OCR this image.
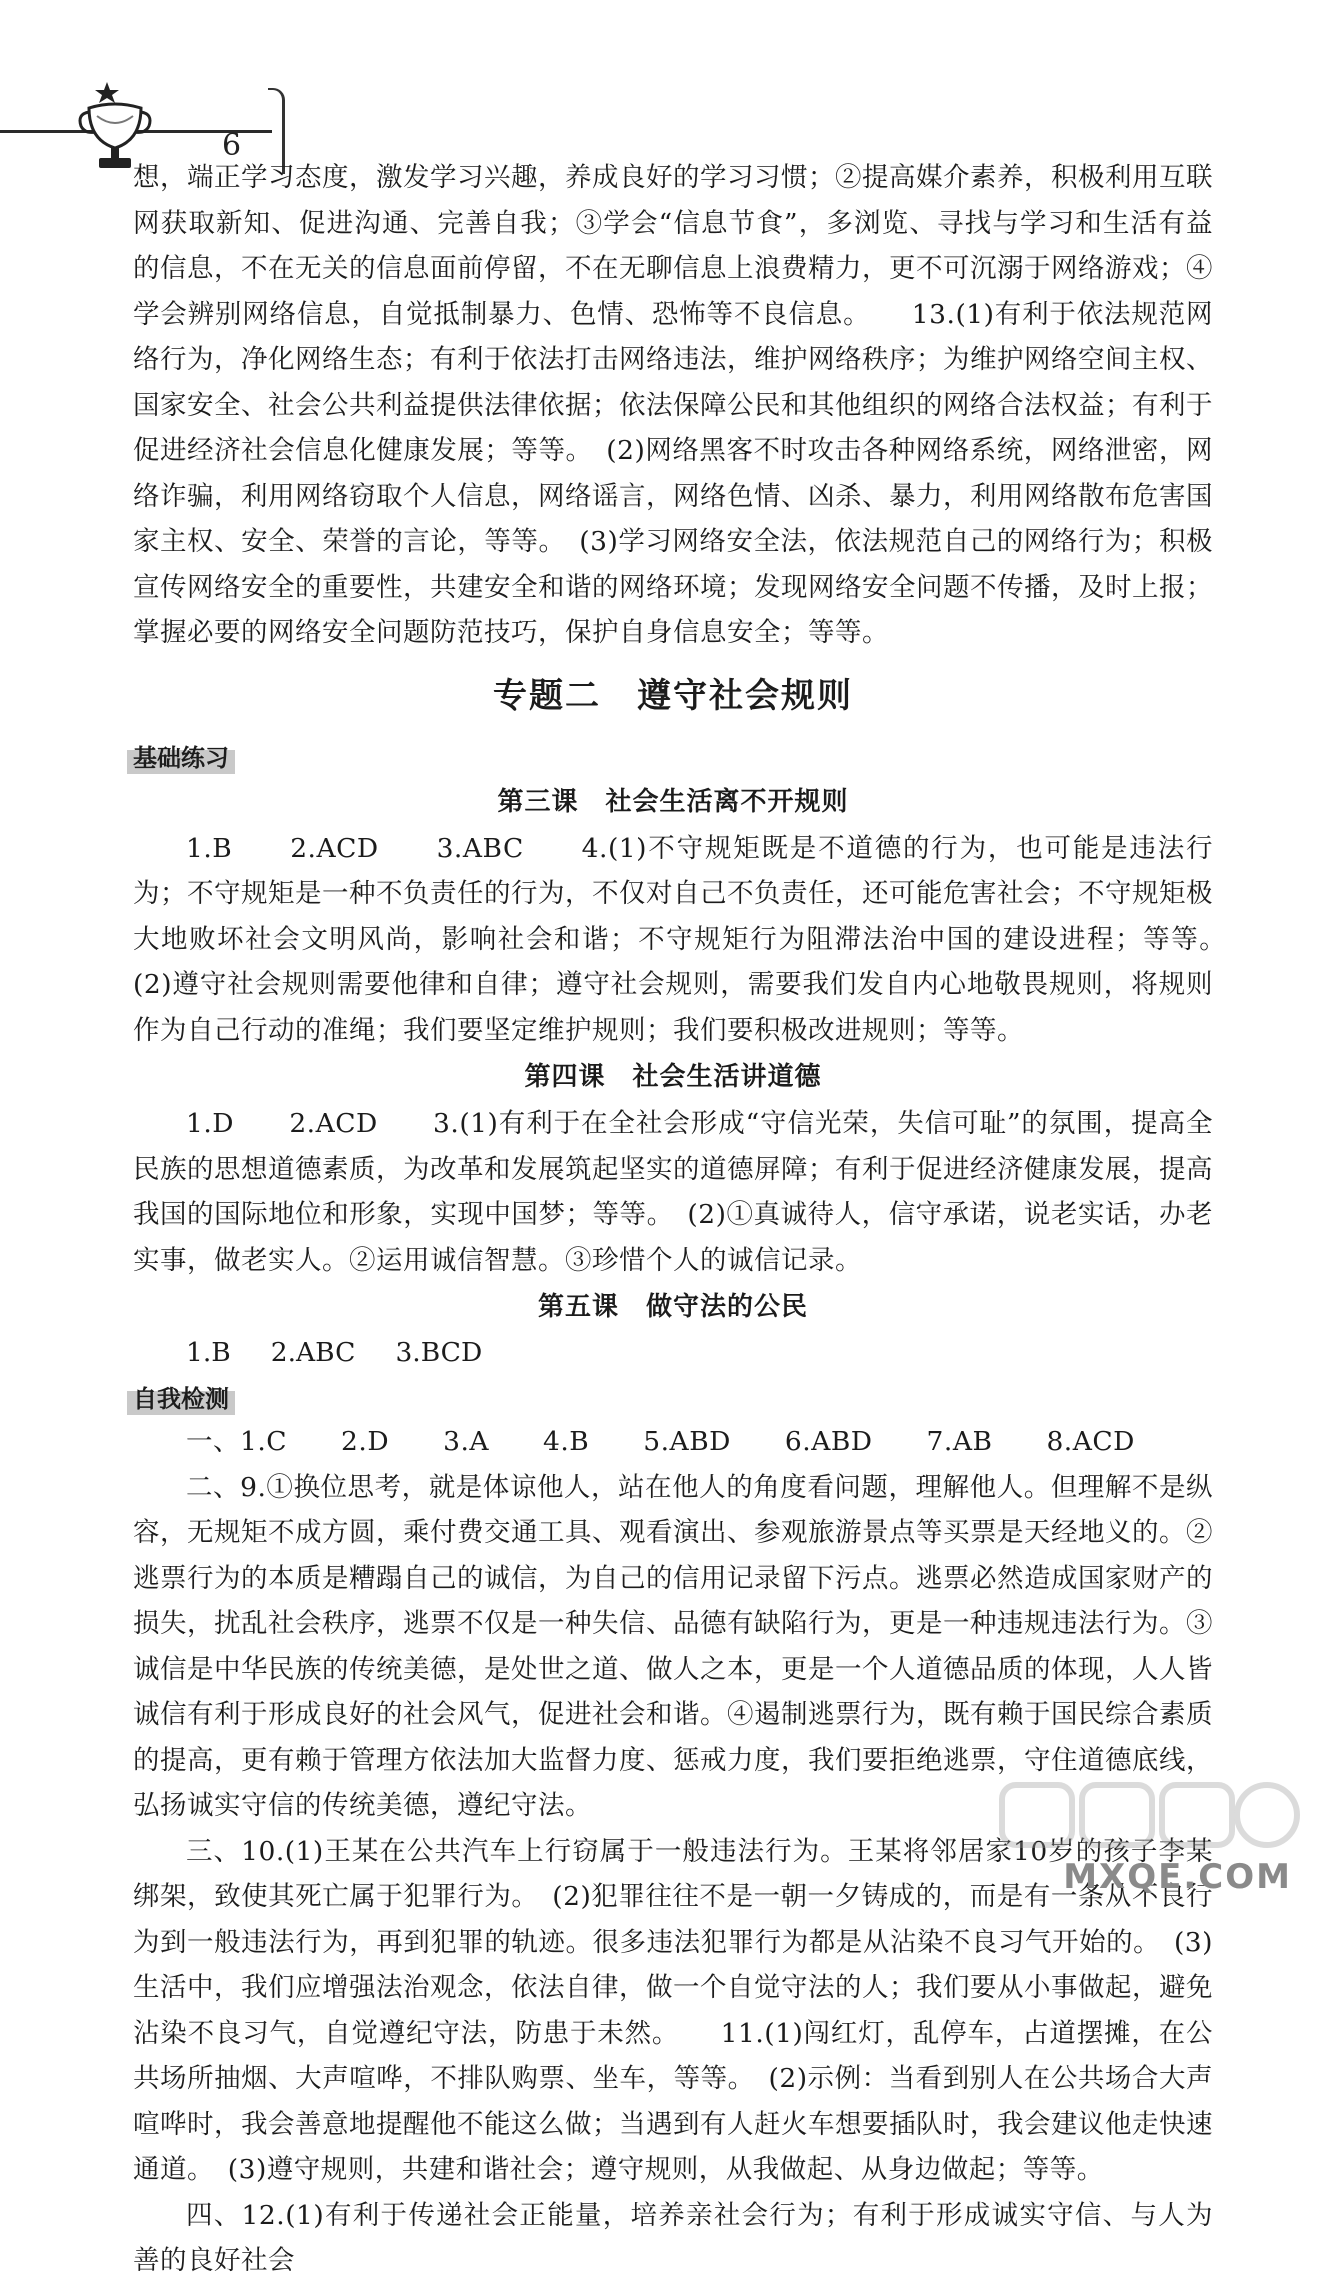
6

想，端正学习态度，激发学习兴趣，养成良好的学习习惯；②提高媒介素养，积极利用互联网获取新知、促进沟通、完善自我；③学会“信息节食”，多浏览、寻找与学习和生活有益的信息，不在无关的信息面前停留，不在无聊信息上浪费精力，更不可沉溺于网络游戏；④学会辨别网络信息，自觉抵制暴力、色情、恐怖等不良信息。　　13.(1)有利于依法规范网络行为，净化网络生态；有利于依法打击网络违法，维护网络秩序；为维护网络空间主权、国家安全、社会公共利益提供法律依据；依法保障公民和其他组织的网络合法权益；有利于促进经济社会信息化健康发展；等等。　(2)网络黑客不时攻击各种网络系统，网络泄密，网络诈骗，利用网络窃取个人信息，网络谣言，网络色情、凶杀、暴力，利用网络散布危害国家主权、安全、荣誉的言论，等等。　(3)学习网络安全法，依法规范自己的网络行为；积极宣传网络安全的重要性，共建安全和谐的网络环境；发现网络安全问题不传播，及时上报；掌握必要的网络安全问题防范技巧，保护自身信息安全；等等。

专题二　遵守社会规则
基础练习
第三课　社会生活离不开规则

1.B　　 2.ACD　　 3.ABC　　 4.(1)不守规矩既是不道德的行为，也可能是违法行为；不守规矩是一种不负责任的行为，不仅对自己不负责任，还可能危害社会；不守规矩极大地败坏社会文明风尚，影响社会和谐；不守规矩行为阻滞法治中国的建设进程；等等。　(2)遵守社会规则需要他律和自律；遵守社会规则，需要我们发自内心地敬畏规则，将规则作为自己行动的准绳；我们要坚定维护规则；我们要积极改进规则；等等。

第四课　社会生活讲道德

1.D　　 2.ACD　　 3.(1)有利于在全社会形成“守信光荣，失信可耻”的氛围，提高全民族的思想道德素质，为改革和发展筑起坚实的道德屏障；有利于促进经济健康发展，提高我国的国际地位和形象，实现中国梦；等等。　(2)①真诚待人，信守承诺，说老实话，办老实事，做老实人。②运用诚信智慧。③珍惜个人的诚信记录。

第五课　做守法的公民

1.B 2.ABC 3.BCD

自我检测

一、1.C　　2.D　　3.A　　4.B　　5.ABD　　6.ABD　　7.AB　　8.ACD

二、9.①换位思考，就是体谅他人，站在他人的角度看问题，理解他人。但理解不是纵容，无规矩不成方圆，乘付费交通工具、观看演出、参观旅游景点等买票是天经地义的。②逃票行为的本质是糟蹋自己的诚信，为自己的信用记录留下污点。逃票必然造成国家财产的损失，扰乱社会秩序，逃票不仅是一种失信、品德有缺陷行为，更是一种违规违法行为。③诚信是中华民族的传统美德，是处世之道、做人之本，更是一个人道德品质的体现，人人皆诚信有利于形成良好的社会风气，促进社会和谐。④遏制逃票行为，既有赖于国民综合素质的提高，更有赖于管理方依法加大监督力度、惩戒力度，我们要拒绝逃票，守住道德底线，弘扬诚实守信的传统美德，遵纪守法。

三、10.(1)王某在公共汽车上行窃属于一般违法行为。王某将邻居家10岁的孩子李某绑架，致使其死亡属于犯罪行为。　(2)犯罪往往不是一朝一夕铸成的，而是有一条从不良行为到一般违法行为，再到犯罪的轨迹。很多违法犯罪行为都是从沾染不良习气开始的。　(3)生活中，我们应增强法治观念，依法自律，做一个自觉守法的人；我们要从小事做起，避免沾染不良习气，自觉遵纪守法，防患于未然。　　11.(1)闯红灯，乱停车，占道摆摊，在公共场所抽烟、大声喧哗，不排队购票、坐车，等等。　(2)示例：当看到别人在公共场合大声喧哗时，我会善意地提醒他不能这么做；当遇到有人赶火车想要插队时，我会建议他走快速通道。　(3)遵守规则，共建和谐社会；遵守规则，从我做起、从身边做起；等等。

四、12.(1)有利于传递社会正能量，培养亲社会行为；有利于形成诚实守信、与人为善的良好社会

MXQE.COM
